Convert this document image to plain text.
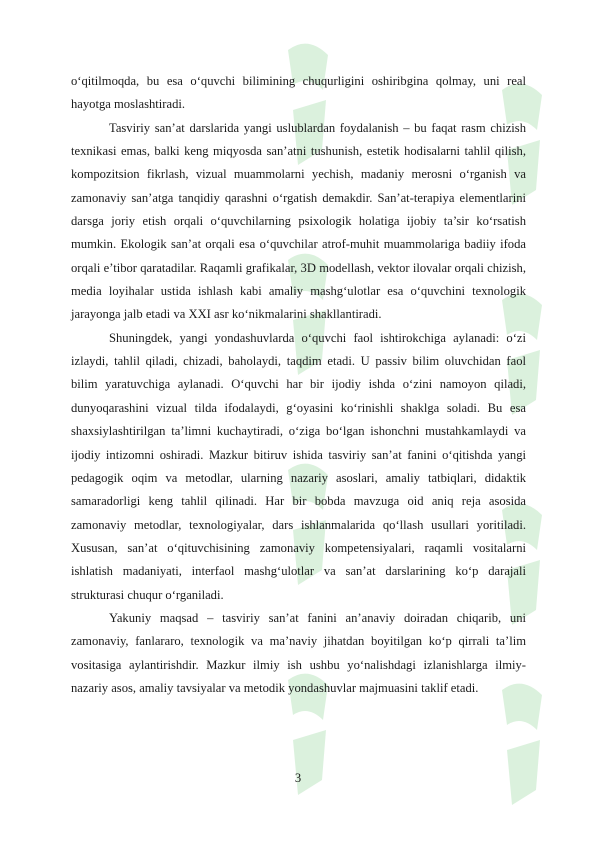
o‘qitilmoqda, bu esa o‘quvchi bilimining chuqurligini oshiribgina qolmay, uni real hayotga moslashtiradi.

Tasviriy san’at darslarida yangi uslublardan foydalanish – bu faqat rasm chizish texnikasi emas, balki keng miqyosda san’atni tushunish, estetik hodisalarni tahlil qilish, kompozitsion fikrlash, vizual muammolarni yechish, madaniy merosni o‘rganish va zamonaviy san’atga tanqidiy qarashni o‘rgatish demakdir. San’at-terapiya elementlarini darsga joriy etish orqali o‘quvchilarning psixologik holatiga ijobiy ta’sir ko‘rsatish mumkin. Ekologik san’at orqali esa o‘quvchilar atrof-muhit muammolariga badiiy ifoda orqali e’tibor qaratadilar. Raqamli grafikalar, 3D modellash, vektor ilovalar orqali chizish, media loyihalar ustida ishlash kabi amaliy mashg‘ulotlar esa o‘quvchini texnologik jarayonga jalb etadi va XXI asr ko‘nikmalarini shakllantiradi.

Shuningdek, yangi yondashuvlarda o‘quvchi faol ishtirokchiga aylanadi: o‘zi izlaydi, tahlil qiladi, chizadi, baholaydi, taqdim etadi. U passiv bilim oluvchidan faol bilim yaratuvchiga aylanadi. O‘quvchi har bir ijodiy ishda o‘zini namoyon qiladi, dunyoqarashini vizual tilda ifodalaydi, g‘oyasini ko‘rinishli shaklga soladi. Bu esa shaxsiylashtirilgan ta’limni kuchaytiradi, o‘ziga bo‘lgan ishonchni mustahkamlaydi va ijodiy intizomni oshiradi. Mazkur bitiruv ishida tasviriy san’at fanini o‘qitishda yangi pedagogik oqim va metodlar, ularning nazariy asoslari, amaliy tatbiqlari, didaktik samaradorligi keng tahlil qilinadi. Har bir bobda mavzuga oid aniq reja asosida zamonaviy metodlar, texnologiyalar, dars ishlanmalarida qo‘llash usullari yoritiladi. Xususan, san’at o‘qituvchisining zamonaviy kompetensiyalari, raqamli vositalarni ishlatish madaniyati, interfaol mashg‘ulotlar va san’at darslarining ko‘p darajali strukturasi chuqur o‘rganiladi.

Yakuniy maqsad – tasviriy san’at fanini an’anaviy doiradan chiqarib, uni zamonaviy, fanlararo, texnologik va ma’naviy jihatdan boyitilgan ko‘p qirrali ta’lim vositasiga aylantirishdir. Mazkur ilmiy ish ushbu yo‘nalishdagi izlanishlarga ilmiy-nazariy asos, amaliy tavsiyalar va metodik yondashuvlar majmuasini taklif etadi.

3
